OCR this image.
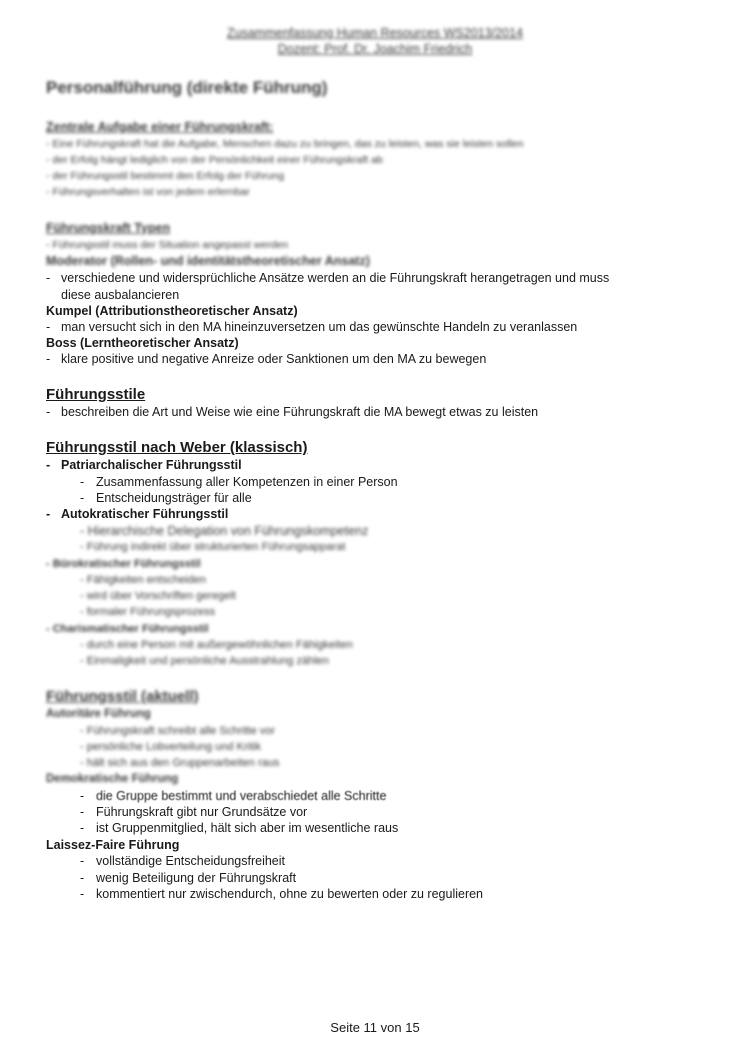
Zusammenfassung Human Resources WS2013/2014
Dozent: Prof. Dr. Joachim Friedrich
Personalführung (direkte Führung)
Zentrale Aufgabe einer Führungskraft:
- Eine Führungskraft hat die Aufgabe, Menschen dazu zu bringen, das zu leisten, was sie leisten sollen
- der Erfolg hängt lediglich von der Persönlichkeit einer Führungskraft ab
- der Führungsstil bestimmt den Erfolg der Führung
- Führungsverhalten ist von jedem erlernbar
Führungskraft Typen
- Führungsstil muss der Situation angepasst werden
Moderator (Rollen- und identitätstheoretischer Ansatz)
-
verschiedene und widersprüchliche Ansätze werden an die Führungskraft herangetragen und muss
diese ausbalancieren
Kumpel (Attributionstheoretischer Ansatz)
-
man versucht sich in den MA hineinzuversetzen um das gewünschte Handeln zu veranlassen
Boss (Lerntheoretischer Ansatz)
-
klare positive und negative Anreize oder Sanktionen um den MA zu bewegen
Führungsstile
-
beschreiben die Art und Weise wie eine Führungskraft die MA bewegt etwas zu leisten
Führungsstil nach Weber (klassisch)
- Patriarchalischer Führungsstil
-
Zusammenfassung aller Kompetenzen in einer Person
-
Entscheidungsträger für alle
- Autokratischer Führungsstil
- Hierarchische Delegation von Führungskompetenz
- Führung indirekt über strukturierten Führungsapparat
- Bürokratischer Führungsstil
- Fähigkeiten entscheiden
- wird über Vorschriften geregelt
- formaler Führungsprozess
- Charismatischer Führungsstil
- durch eine Person mit außergewöhnlichen Fähigkeiten
- Einmaligkeit und persönliche Ausstrahlung zählen
Führungsstil (aktuell)
Autoritäre Führung
- Führungskraft schreibt alle Schritte vor
- persönliche Lobverteilung und Kritik
- hält sich aus den Gruppenarbeiten raus
Demokratische Führung
-
die Gruppe bestimmt und verabschiedet alle Schritte
-
Führungskraft gibt nur Grundsätze vor
-
ist Gruppenmitglied, hält sich aber im wesentliche raus
Laissez-Faire Führung
-
vollständige Entscheidungsfreiheit
-
wenig Beteiligung der Führungskraft
-
kommentiert nur zwischendurch, ohne zu bewerten oder zu regulieren
Seite 11 von 15
